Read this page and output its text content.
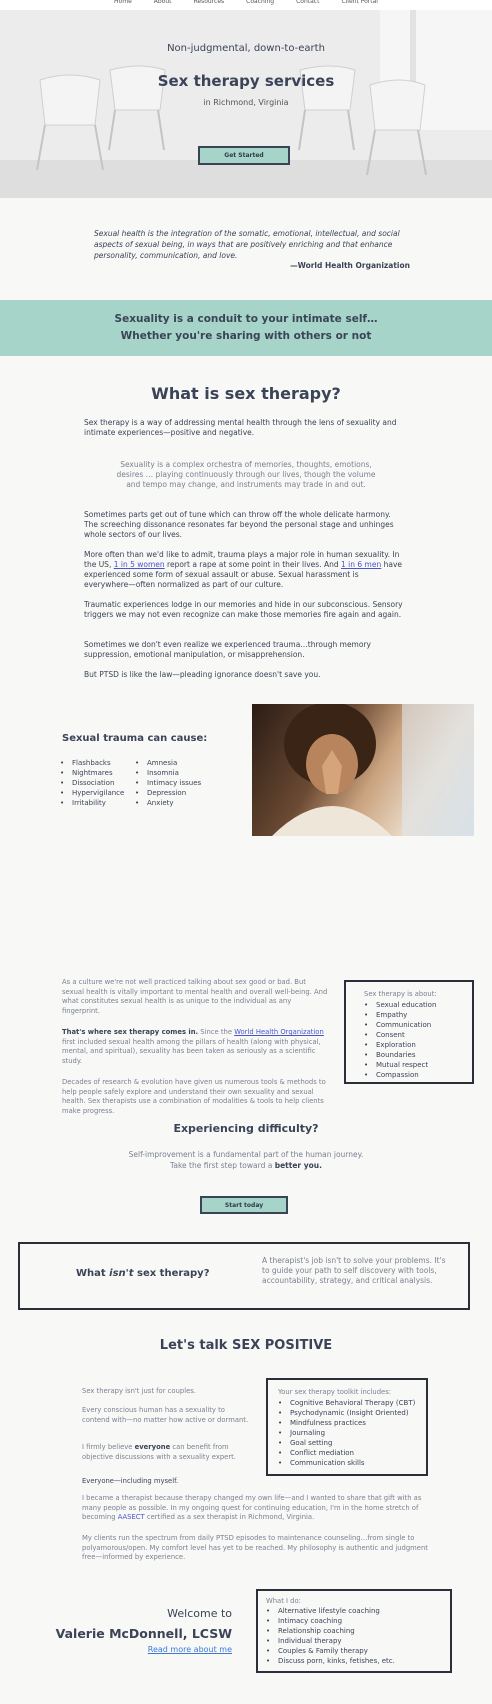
Home	About	Resources	Coaching	Contact	Client Portal
Non-judgmental, down-to-earth
Sex therapy services
in Richmond, Virginia
Get Started
Sexual health is the integration of the somatic, emotional, intellectual, and social aspects of sexual being, in ways that are positively enriching and that enhance personality, communication, and love.
—World Health Organization
Sexuality is a conduit to your intimate self…
Whether you're sharing with others or not
What is sex therapy?
Sex therapy is a way of addressing mental health through the lens of sexuality and intimate experiences—positive and negative.
Sexuality is a complex orchestra of memories, thoughts, emotions, desires … playing continuously through our lives, though the volume and tempo may change, and instruments may trade in and out.
Sometimes parts get out of tune which can throw off the whole delicate harmony. The screeching dissonance resonates far beyond the personal stage and unhinges whole sectors of our lives.
More often than we'd like to admit, trauma plays a major role in human sexuality. In the US, 1 in 5 women report a rape at some point in their lives. And 1 in 6 men have experienced some form of sexual assault or abuse. Sexual harassment is everywhere—often normalized as part of our culture.
Traumatic experiences lodge in our memories and hide in our subconscious. Sensory triggers we may not even recognize can make those memories fire again and again.
Sometimes we don't even realize we experienced trauma…through memory suppression, emotional manipulation, or misapprehension.
But PTSD is like the law—pleading ignorance doesn't save you.
Sexual trauma can cause:
• Flashbacks
• Nightmares
• Dissociation
• Hypervigilance
• Irritability
• Amnesia
• Insomnia
• Intimacy issues
• Depression
• Anxiety
As a culture we're not well practiced talking about sex good or bad. But sexual health is vitally important to mental health and overall well-being. And what constitutes sexual health is as unique to the individual as any fingerprint.
That's where sex therapy comes in. Since the World Health Organization first included sexual health among the pillars of health (along with physical, mental, and spiritual), sexuality has been taken as seriously as a scientific study.
Decades of research & evolution have given us numerous tools & methods to help people safely explore and understand their own sexuality and sexual health. Sex therapists use a combination of modalities & tools to help clients make progress.
Sex therapy is about:
• Sexual education
• Empathy
• Communication
• Consent
• Exploration
• Boundaries
• Mutual respect
• Compassion
Experiencing difficulty?
Self-improvement is a fundamental part of the human journey.
Take the first step toward a better you.
Start today
What isn't sex therapy?
A therapist's job isn't to solve your problems. It's to guide your path to self discovery with tools, accountability, strategy, and critical analysis.
Let's talk SEX POSITIVE
Sex therapy isn't just for couples.
Every conscious human has a sexuality to contend with—no matter how active or dormant.
I firmly believe everyone can benefit from objective discussions with a sexuality expert.
Everyone—including myself.
Your sex therapy toolkit includes:
• Cognitive Behavioral Therapy (CBT)
• Psychodynamic (Insight Oriented)
• Mindfulness practices
• Journaling
• Goal setting
• Conflict mediation
• Communication skills
I became a therapist because therapy changed my own life—and I wanted to share that gift with as many people as possible. In my ongoing quest for continuing education, I'm in the home stretch of becoming AASECT certified as a sex therapist in Richmond, Virginia.
My clients run the spectrum from daily PTSD episodes to maintenance counseling…from single to polyamorous/open. My comfort level has yet to be reached. My philosophy is authentic and judgment free—informed by experience.
Welcome to
Valerie McDonnell, LCSW
Read more about me
What I do:
• Alternative lifestyle coaching
• Intimacy coaching
• Relationship coaching
• Individual therapy
• Couples & Family therapy
• Discuss porn, kinks, fetishes, etc.
